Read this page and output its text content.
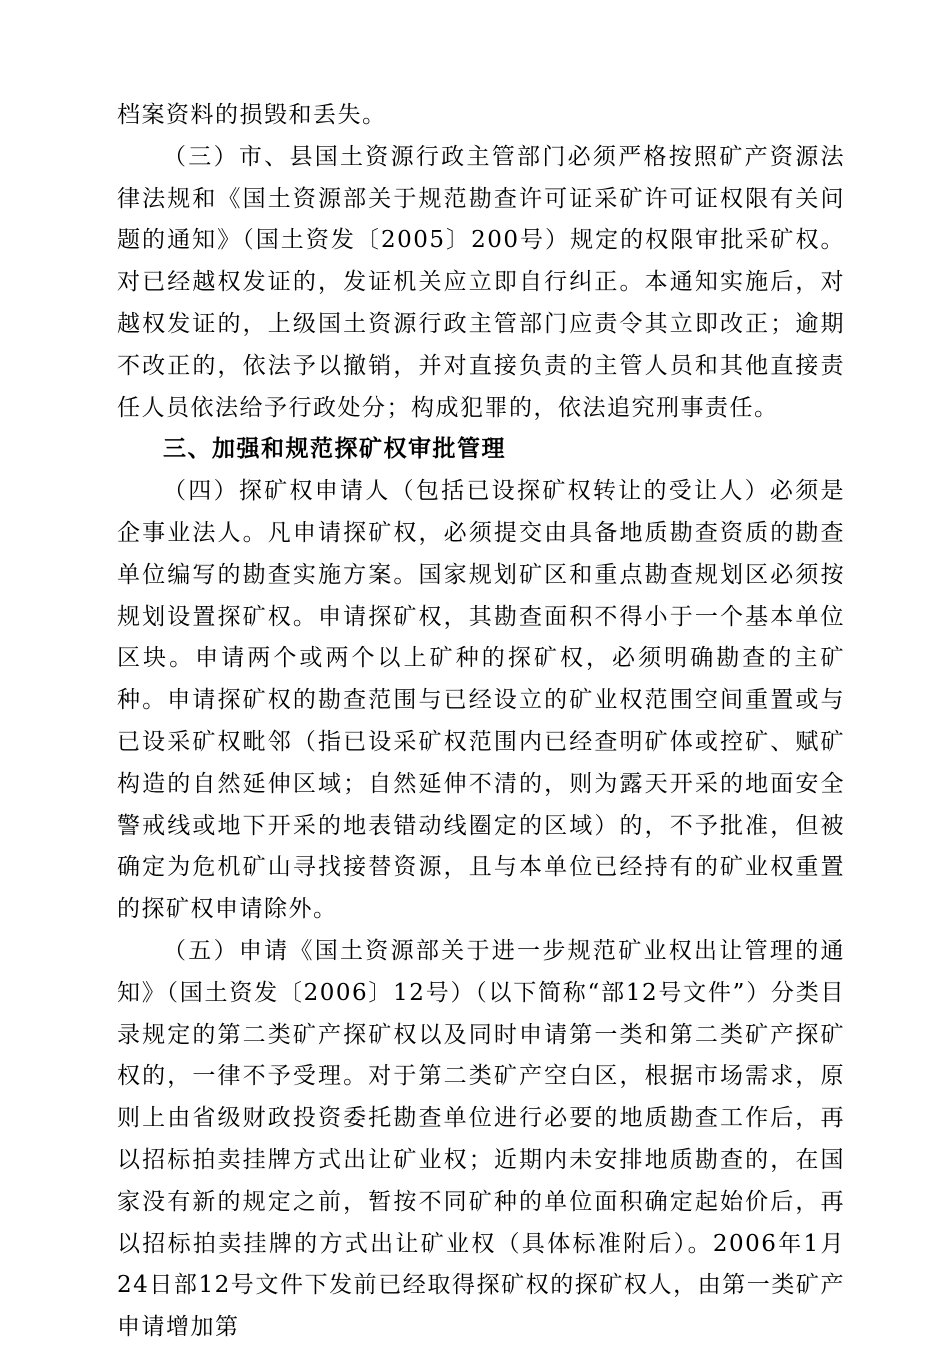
档案资料的损毁和丢失。

（三）市、县国土资源行政主管部门必须严格按照矿产资源法律法规和《国土资源部关于规范勘查许可证采矿许可证权限有关问题的通知》（国土资发〔2005〕200号）规定的权限审批采矿权。对已经越权发证的，发证机关应立即自行纠正。本通知实施后，对越权发证的，上级国土资源行政主管部门应责令其立即改正；逾期不改正的，依法予以撤销，并对直接负责的主管人员和其他直接责任人员依法给予行政处分；构成犯罪的，依法追究刑事责任。

三、加强和规范探矿权审批管理

（四）探矿权申请人（包括已设探矿权转让的受让人）必须是企事业法人。凡申请探矿权，必须提交由具备地质勘查资质的勘查单位编写的勘查实施方案。国家规划矿区和重点勘查规划区必须按规划设置探矿权。申请探矿权，其勘查面积不得小于一个基本单位区块。申请两个或两个以上矿种的探矿权，必须明确勘查的主矿种。申请探矿权的勘查范围与已经设立的矿业权范围空间重置或与已设采矿权毗邻（指已设采矿权范围内已经查明矿体或控矿、赋矿构造的自然延伸区域；自然延伸不清的，则为露天开采的地面安全警戒线或地下开采的地表错动线圈定的区域）的，不予批准，但被确定为危机矿山寻找接替资源，且与本单位已经持有的矿业权重置的探矿权申请除外。

（五）申请《国土资源部关于进一步规范矿业权出让管理的通知》（国土资发〔2006〕12号）（以下简称“部12号文件”）分类目录规定的第二类矿产探矿权以及同时申请第一类和第二类矿产探矿权的，一律不予受理。对于第二类矿产空白区，根据市场需求，原则上由省级财政投资委托勘查单位进行必要的地质勘查工作后，再以招标拍卖挂牌方式出让矿业权；近期内未安排地质勘查的，在国家没有新的规定之前，暂按不同矿种的单位面积确定起始价后，再以招标拍卖挂牌的方式出让矿业权（具体标准附后）。2006年1月24日部12号文件下发前已经取得探矿权的探矿权人，由第一类矿产申请增加第
